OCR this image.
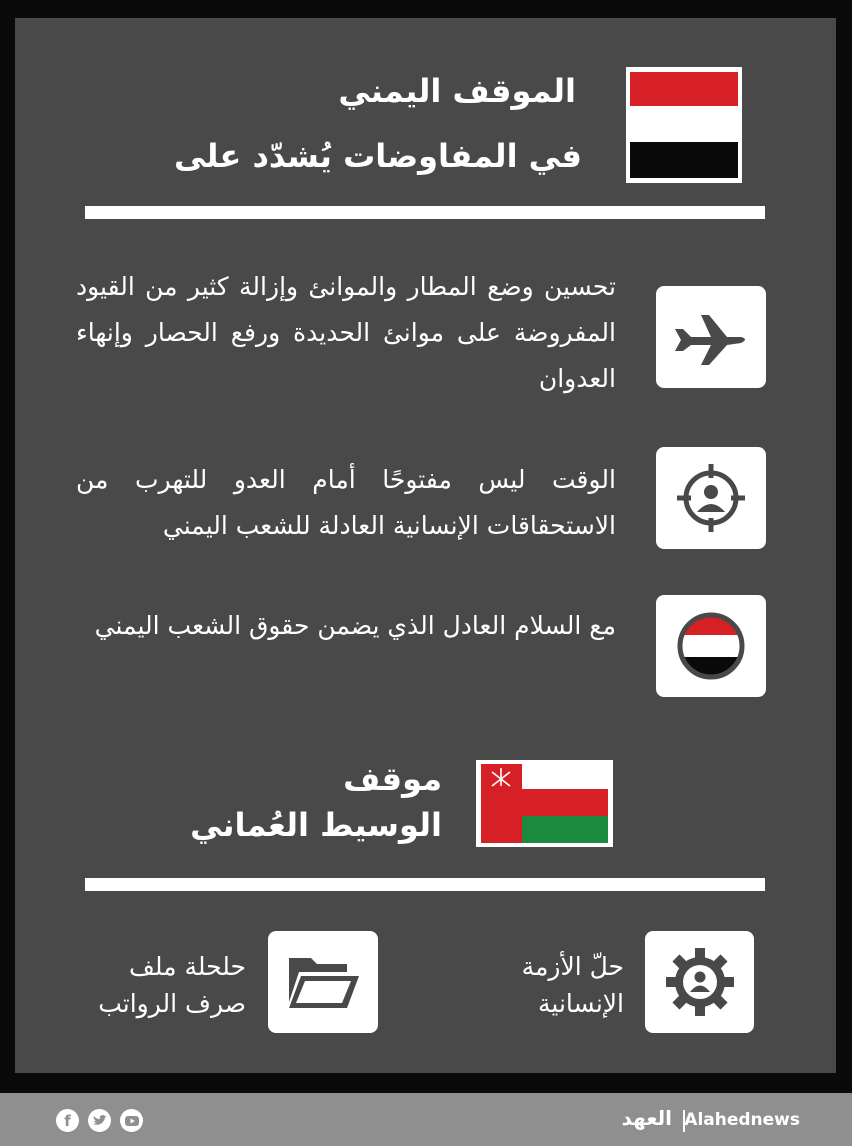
الموقف اليمني
في المفاوضات يُشدّد على
تحسين وضع المطار والموانئ وإزالة كثير من القيود المفروضة على موانئ الحديدة ورفع الحصار وإنهاء العدوان
الوقت ليس مفتوحًا أمام العدو للتهرب من الاستحقاقات الإنسانية العادلة للشعب اليمني
مع السلام العادل الذي يضمن حقوق الشعب اليمني
موقف
الوسيط العُماني
حلّ الأزمة
الإنسانية
حلحلة ملف
صرف الرواتب
f	العهد Alahednews
